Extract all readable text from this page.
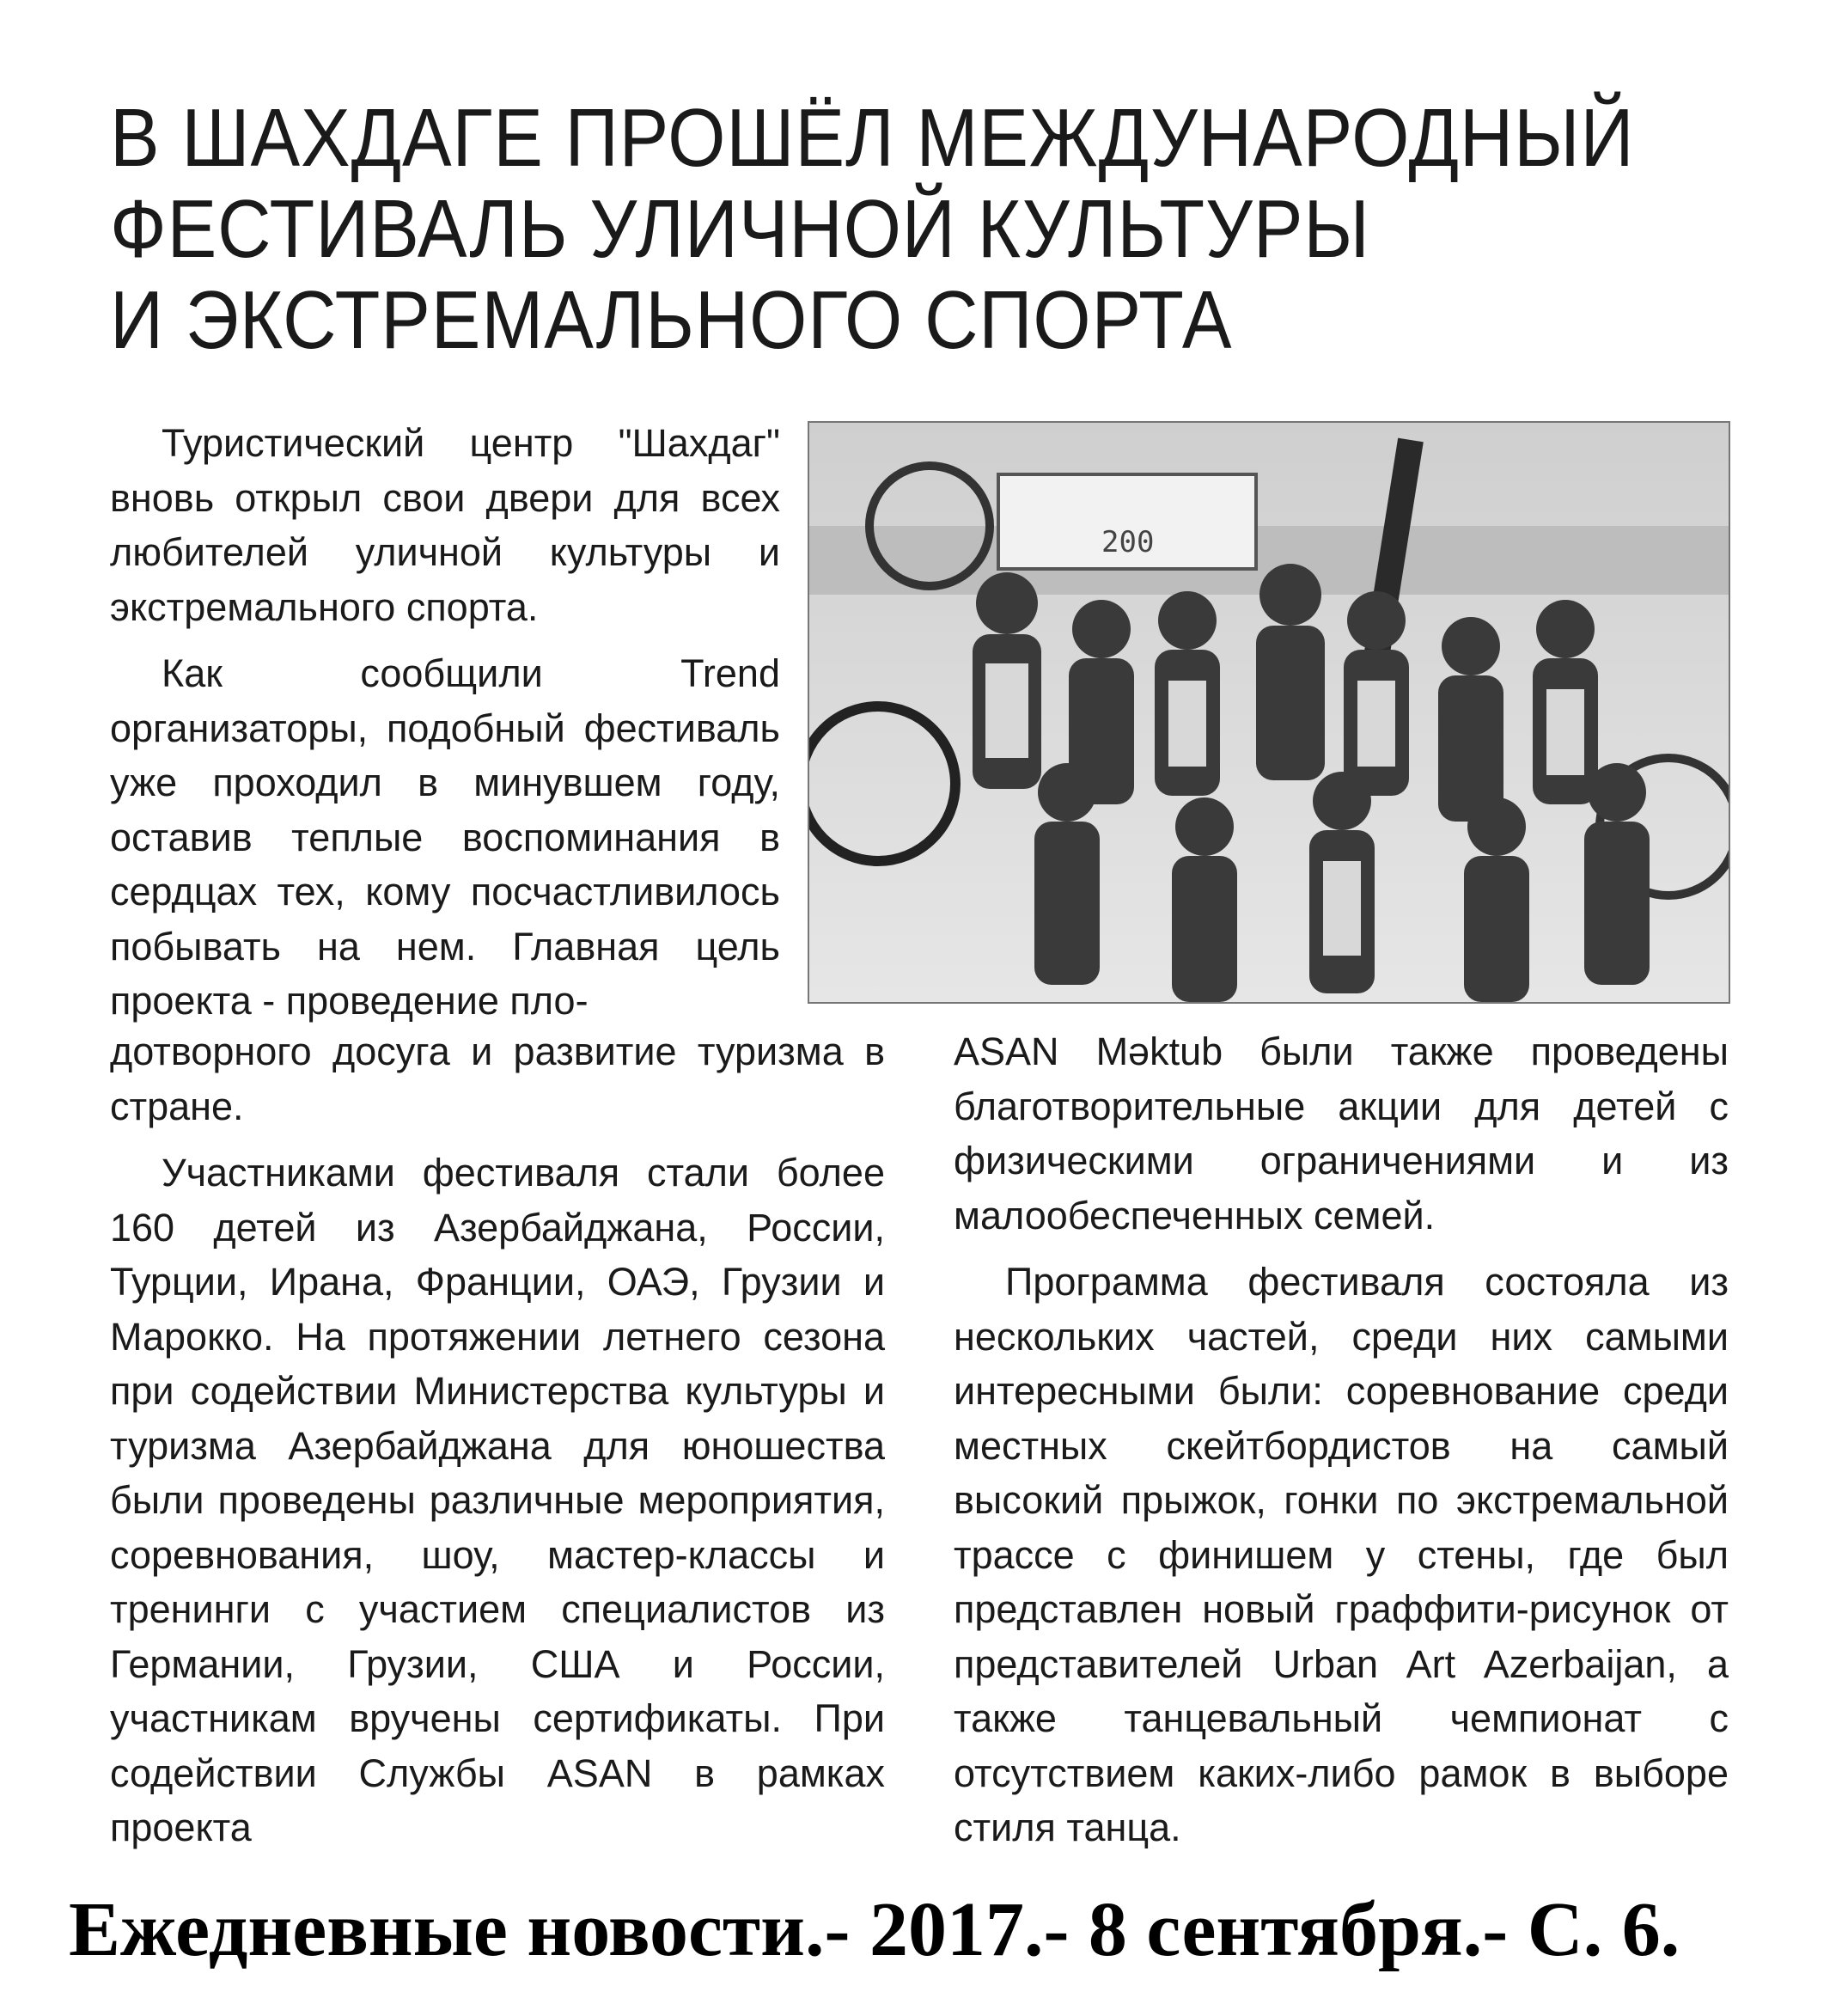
В ШАХДАГЕ ПРОШЁЛ МЕЖДУНАРОДНЫЙ
ФЕСТИВАЛЬ УЛИЧНОЙ КУЛЬТУРЫ
И ЭКСТРЕМАЛЬНОГО СПОРТА

Туристический центр "Шахдаг" вновь открыл свои двери для всех любителей уличной культуры и экстремального спорта.

Как сообщили Trend организаторы, подобный фестиваль уже проходил в минувшем году, оставив теплые воспоминания в сердцах тех, кому посчастливилось побывать на нем. Главная цель проекта - проведение пло-

200

дотворного досуга и развитие туризма в стране.

Участниками фестиваля стали более 160 детей из Азербайджана, России, Турции, Ирана, Франции, ОАЭ, Грузии и Марокко. На протяжении летнего сезона при содействии Министерства культуры и туризма Азербайджана для юношества были проведены различные мероприятия, соревнования, шоу, мастер-классы и тренинги с участием специалистов из Германии, Грузии, США и России, участникам вручены сертификаты. При содействии Службы ASAN в рамках проекта

ASAN Məktub были также проведены благотворительные акции для детей с физическими ограничениями и из малообеспеченных семей.

Программа фестиваля состояла из нескольких частей, среди них самыми интересными были: соревнование среди местных скейтбордистов на самый высокий прыжок, гонки по экстремальной трассе с финишем у стены, где был представлен новый граффити-рисунок от представителей Urban Art Azerbaijan, а также танцевальный чемпионат с отсутствием каких-либо рамок в выборе стиля танца.

Ежедневные новости.- 2017.- 8 сентября.- С. 6.
